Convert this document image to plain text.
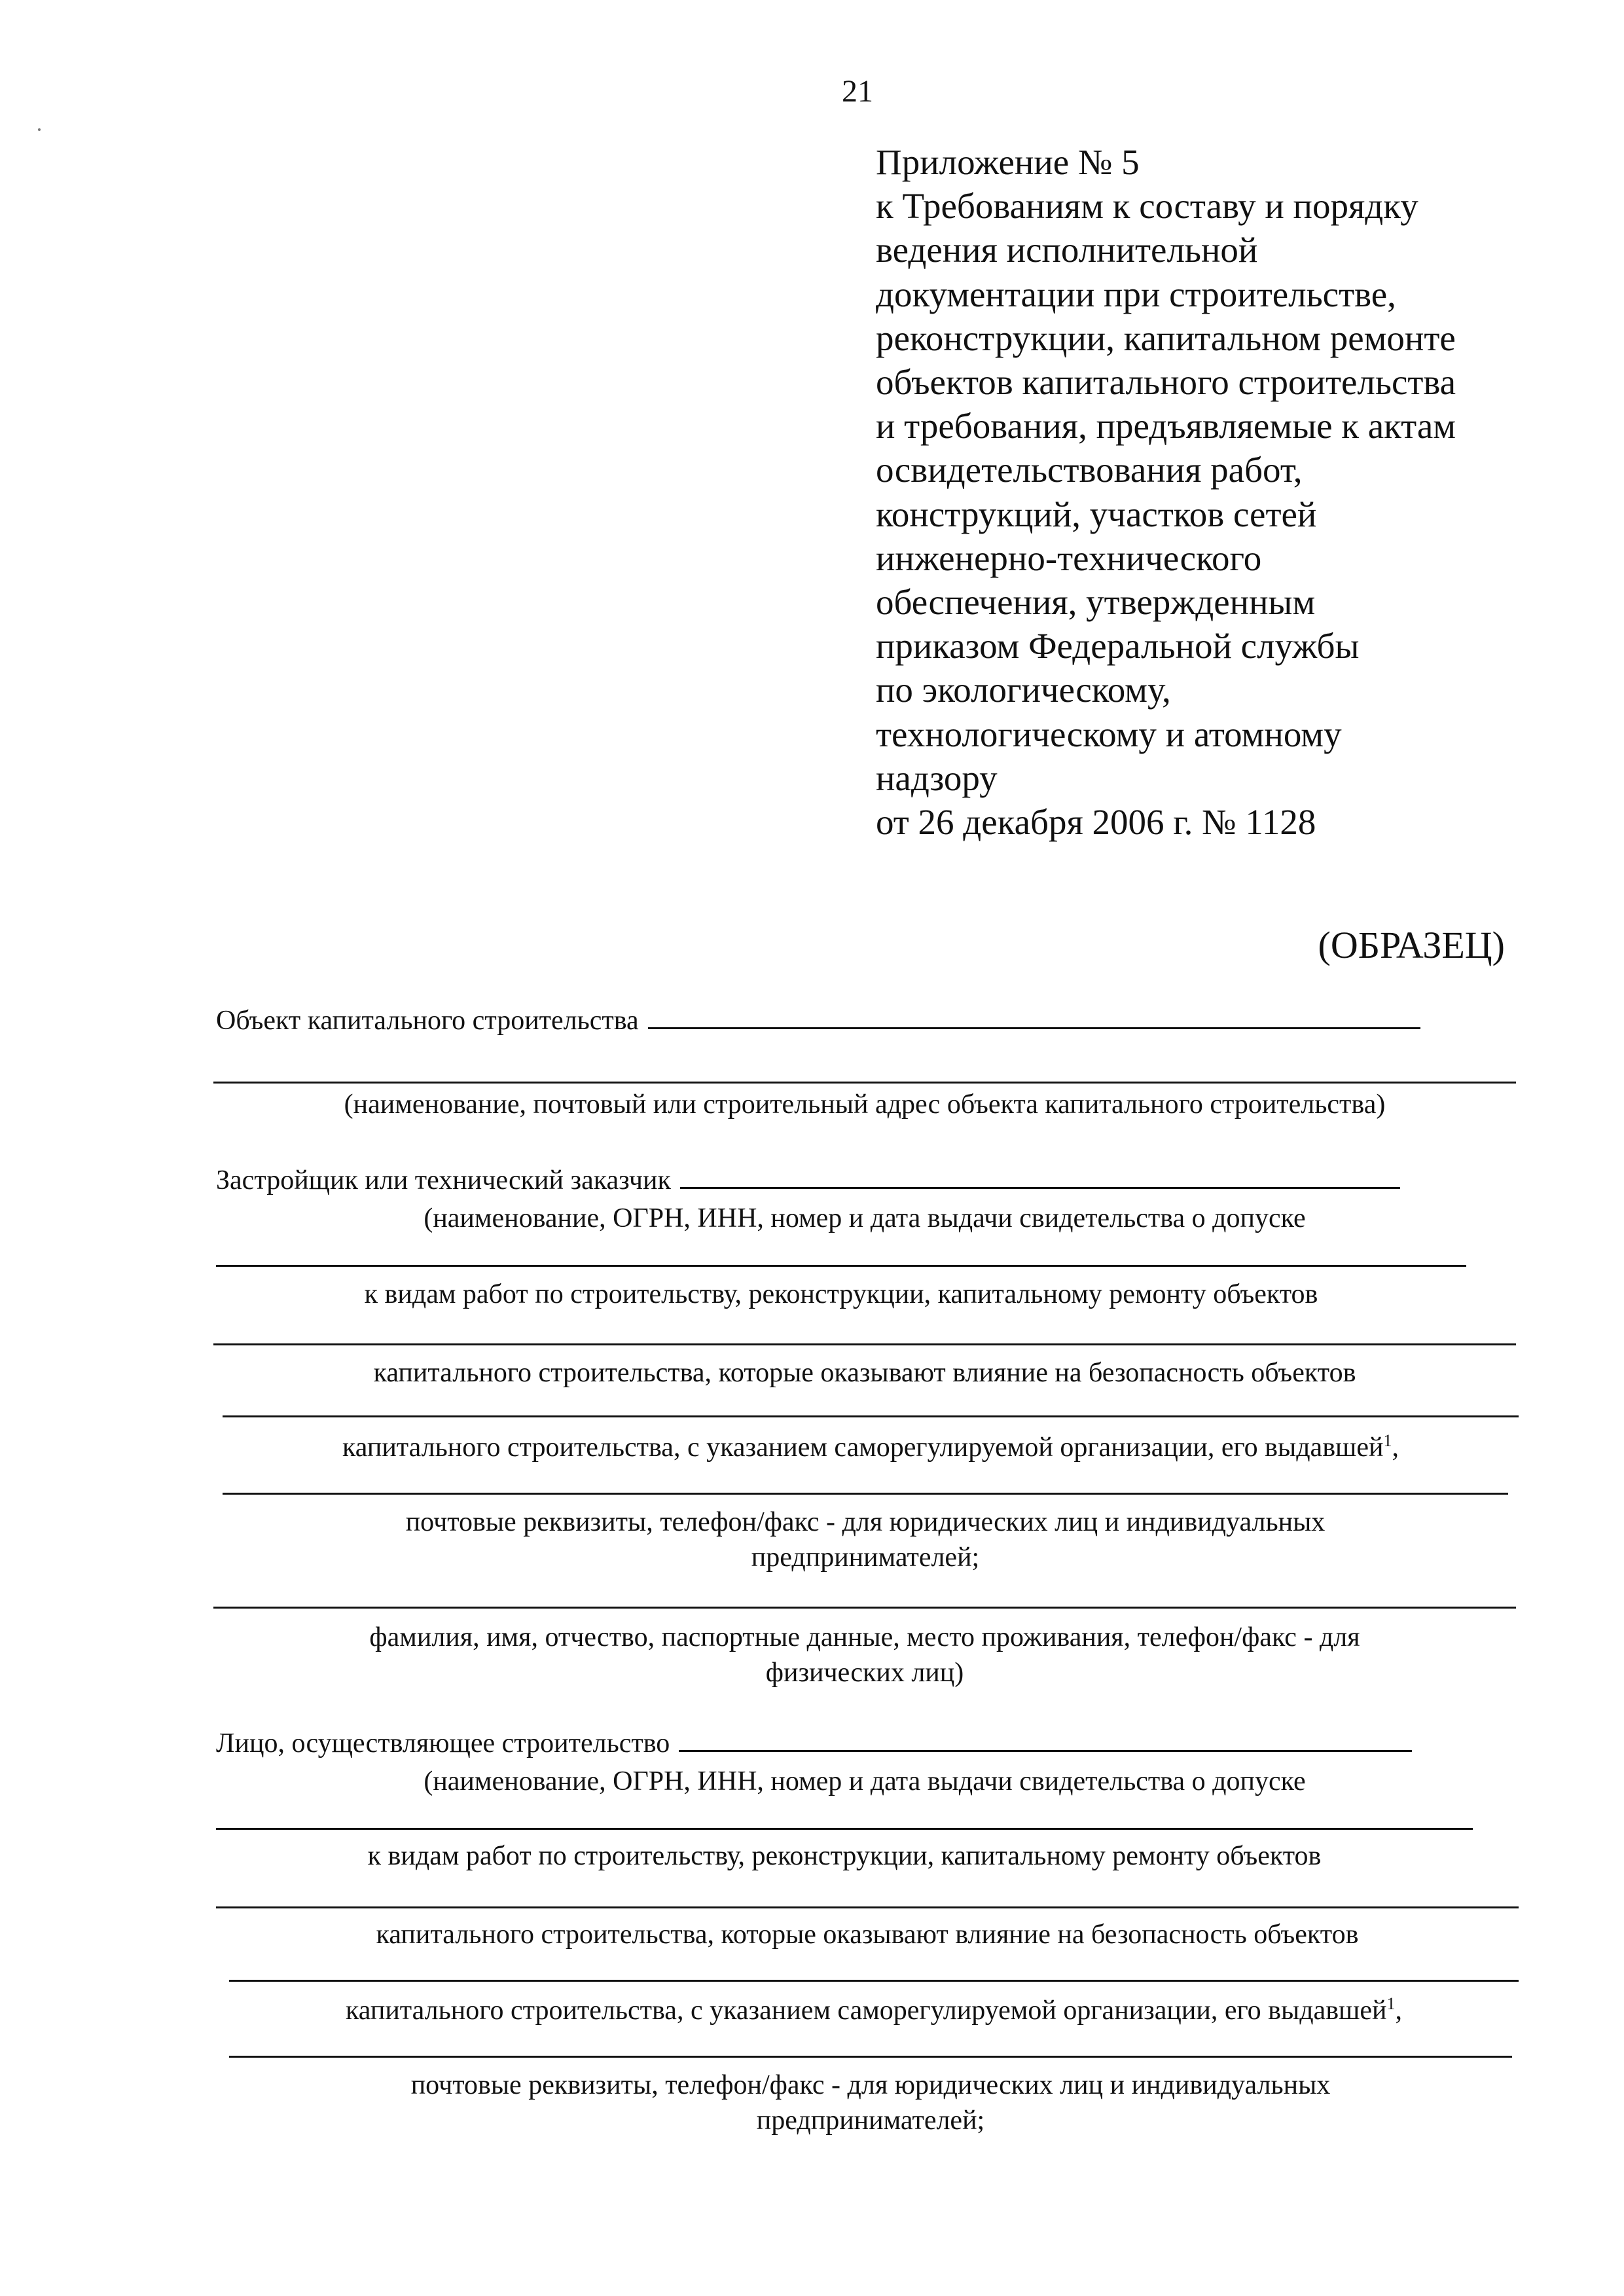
21
Приложение № 5
к Требованиям к составу и порядку
ведения исполнительной
документации при строительстве,
реконструкции, капитальном ремонте
объектов капитального строительства
и требования, предъявляемые к актам
освидетельствования работ,
конструкций, участков сетей
инженерно-технического
обеспечения, утвержденным
приказом Федеральной службы
по экологическому,
технологическому и атомному
надзору
от 26 декабря 2006 г. № 1128
(ОБРАЗЕЦ)
Объект капитального строительства
(наименование, почтовый или строительный адрес объекта капитального строительства)
Застройщик или технический заказчик
(наименование, ОГРН, ИНН, номер и дата выдачи свидетельства о допуске
к видам работ по строительству, реконструкции, капитальному ремонту объектов
капитального строительства, которые оказывают влияние на безопасность объектов
капитального строительства, с указанием саморегулируемой организации, его выдавшей$^1$,
почтовые реквизиты, телефон/факс - для юридических лиц и индивидуальных
предпринимателей;
фамилия, имя, отчество, паспортные данные, место проживания, телефон/факс - для
физических лиц)
Лицо, осуществляющее строительство
(наименование, ОГРН, ИНН, номер и дата выдачи свидетельства о допуске
к видам работ по строительству, реконструкции, капитальному ремонту объектов
капитального строительства, которые оказывают влияние на безопасность объектов
капитального строительства, с указанием саморегулируемой организации, его выдавшей$^1$,
почтовые реквизиты, телефон/факс - для юридических лиц и индивидуальных
предпринимателей;
